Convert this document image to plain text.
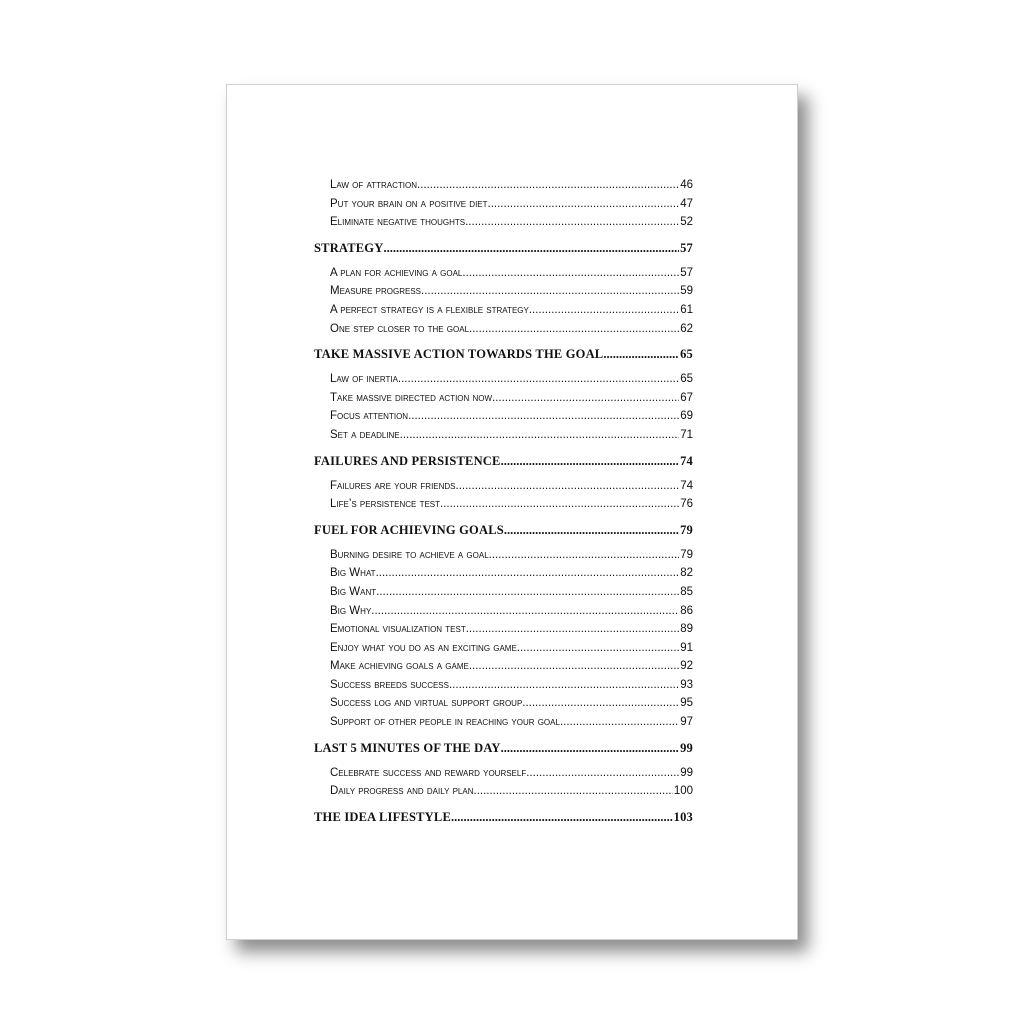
Law of attraction .....	46
Put your brain on a positive diet .....	47
Eliminate negative thoughts .....	52
STRATEGY .....	57
A plan for achieving a goal .....	57
Measure progress .....	59
A perfect strategy is a flexible strategy .....	61
One step closer to the goal .....	62
TAKE MASSIVE ACTION TOWARDS THE GOAL .....	65
Law of inertia .....	65
Take massive directed action now .....	67
Focus attention .....	69
Set a deadline .....	71
FAILURES AND PERSISTENCE .....	74
Failures are your friends .....	74
Life’s persistence test .....	76
FUEL FOR ACHIEVING GOALS .....	79
Burning desire to achieve a goal .....	79
Big What .....	82
Big Want .....	85
Big Why .....	86
Emotional visualization test .....	89
Enjoy what you do as an exciting game .....	91
Make achieving goals a game .....	92
Success breeds success .....	93
Success log and virtual support group .....	95
Support of other people in reaching your goal .....	97
LAST 5 MINUTES OF THE DAY .....	99
Celebrate success and reward yourself .....	99
Daily progress and daily plan .....	100
THE IDEA LIFESTYLE .....	103
